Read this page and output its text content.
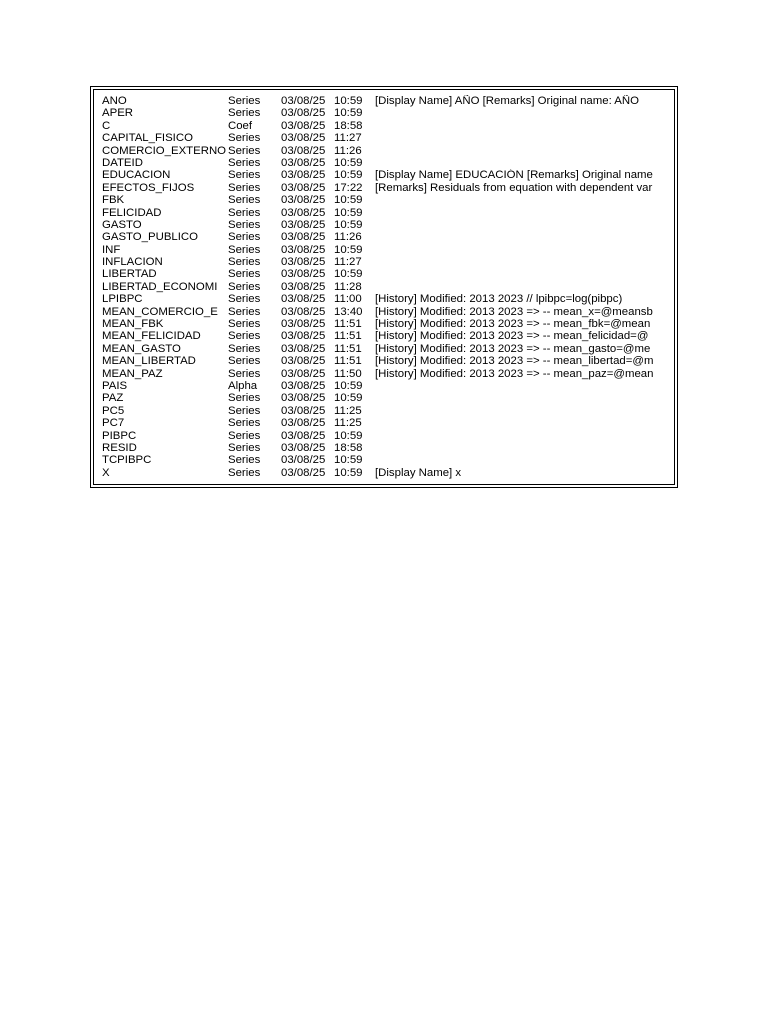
ANO	Series	03/08/25 10:59	[Display Name] AÑO [Remarks] Original name: AÑO
APER	Series	03/08/25 10:59
C	Coef	03/08/25 18:58
CAPITAL_FISICO	Series	03/08/25 11:27
COMERCIO_EXTERNO Series	03/08/25 11:26
DATEID	Series	03/08/25 10:59
EDUCACION	Series	03/08/25 10:59	[Display Name] EDUCACIÓN [Remarks] Original name
EFECTOS_FIJOS	Series	03/08/25 17:22	[Remarks] Residuals from equation with dependent var
FBK	Series	03/08/25 10:59
FELICIDAD	Series	03/08/25 10:59
GASTO	Series	03/08/25 10:59
GASTO_PUBLICO	Series	03/08/25 11:26
INF	Series	03/08/25 10:59
INFLACION	Series	03/08/25 11:27
LIBERTAD	Series	03/08/25 10:59
LIBERTAD_ECONOMI Series	03/08/25 11:28
LPIBPC	Series	03/08/25 11:00	[History] Modified: 2013 2023 // lpibpc=log(pibpc)
MEAN_COMERCIO_E Series	03/08/25 13:40	[History] Modified: 2013 2023 => -- mean_x=@meansb
MEAN_FBK	Series	03/08/25 11:51	[History] Modified: 2013 2023 => -- mean_fbk=@mean
MEAN_FELICIDAD	Series	03/08/25 11:51	[History] Modified: 2013 2023 => -- mean_felicidad=@
MEAN_GASTO	Series	03/08/25 11:51	[History] Modified: 2013 2023 => -- mean_gasto=@me
MEAN_LIBERTAD	Series	03/08/25 11:51	[History] Modified: 2013 2023 => -- mean_libertad=@m
MEAN_PAZ	Series	03/08/25 11:50	[History] Modified: 2013 2023 => -- mean_paz=@mean
PAIS	Alpha	03/08/25 10:59
PAZ	Series	03/08/25 10:59
PC5	Series	03/08/25 11:25
PC7	Series	03/08/25 11:25
PIBPC	Series	03/08/25 10:59
RESID	Series	03/08/25 18:58
TCPIBPC	Series	03/08/25 10:59
X	Series	03/08/25 10:59	[Display Name] x
